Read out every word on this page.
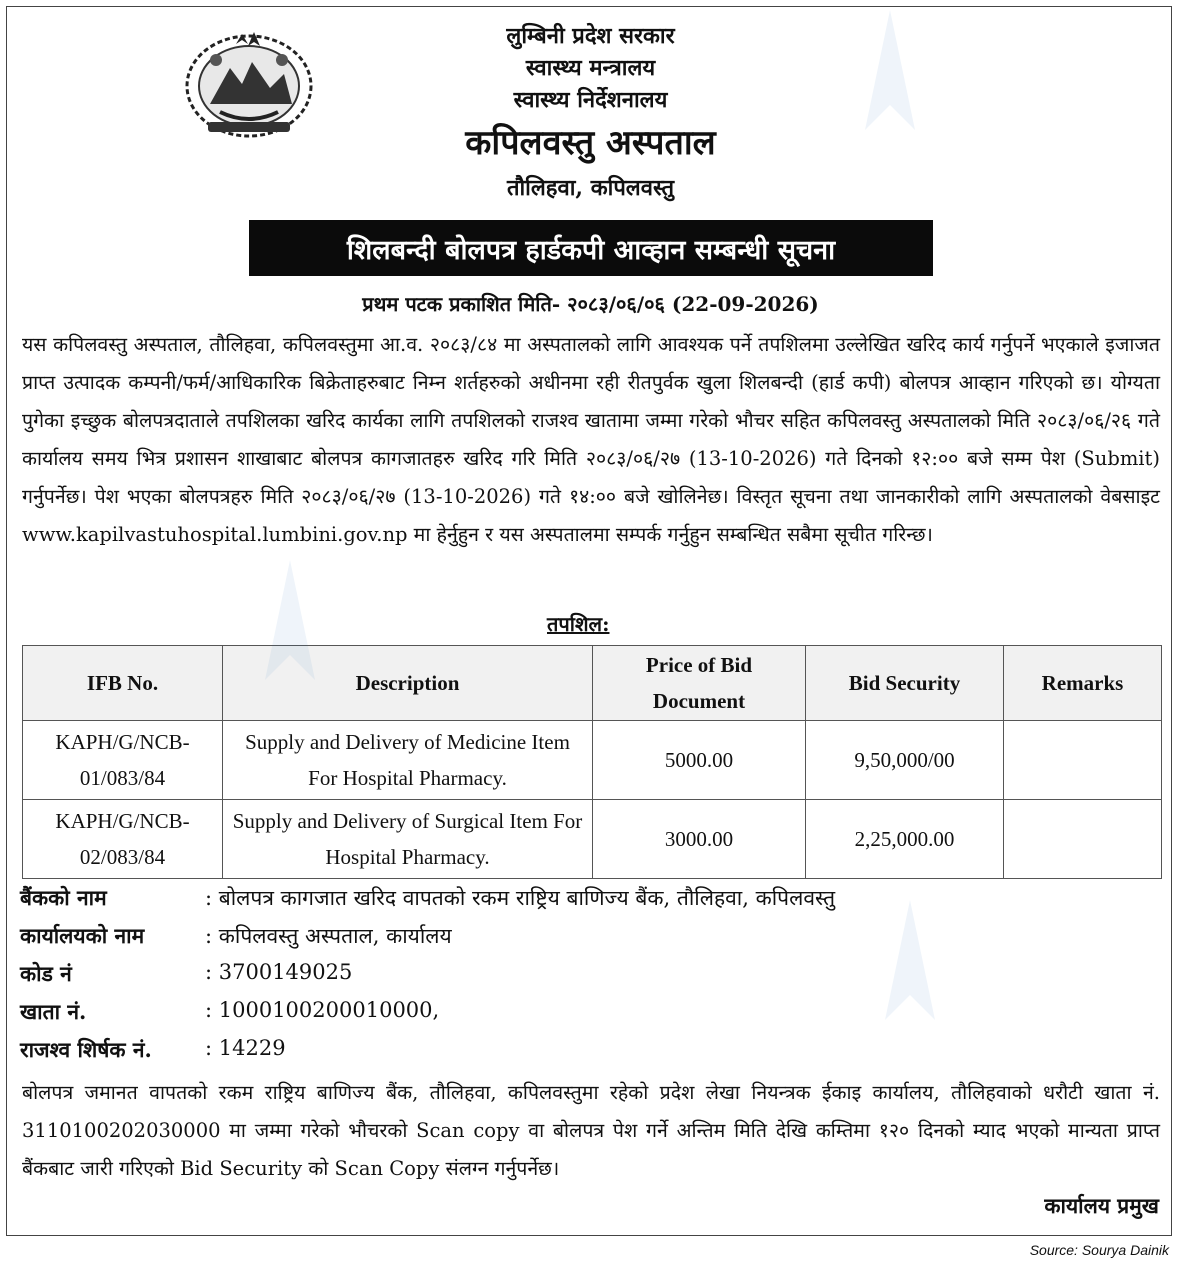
लुम्बिनी प्रदेश सरकार
स्वास्थ्य मन्त्रालय
स्वास्थ्य निर्देशनालय
कपिलवस्तु अस्पताल
तौलिहवा, कपिलवस्तु
शिलबन्दी बोलपत्र हार्डकपी आव्हान सम्बन्धी सूचना
प्रथम पटक प्रकाशित मिति- २०८३/०६/०६ (22-09-2026)
यस कपिलवस्तु अस्पताल, तौलिहवा, कपिलवस्तुमा आ.व. २०८३/८४ मा अस्पतालको लागि आवश्यक पर्ने तपशिलमा उल्लेखित खरिद कार्य गर्नुपर्ने भएकाले इजाजत प्राप्त उत्पादक कम्पनी/फर्म/आधिकारिक बिक्रेताहरुबाट निम्न शर्तहरुको अधीनमा रही रीतपुर्वक खुला शिलबन्दी (हार्ड कपी) बोलपत्र आव्हान गरिएको छ। योग्यता पुगेका इच्छुक बोलपत्रदाताले तपशिलका खरिद कार्यका लागि तपशिलको राजश्व खातामा जम्मा गरेको भौचर सहित कपिलवस्तु अस्पतालको मिति २०८३/०६/२६ गते कार्यालय समय भित्र प्रशासन शाखाबाट बोलपत्र कागजातहरु खरिद गरि मिति २०८३/०६/२७ (13-10-2026) गते दिनको १२:०० बजे सम्म पेश (Submit) गर्नुपर्नेछ। पेश भएका बोलपत्रहरु मिति २०८३/०६/२७ (13-10-2026) गते १४:०० बजे खोलिनेछ। विस्तृत सूचना तथा जानकारीको लागि अस्पतालको वेबसाइट www.kapilvastuhospital.lumbini.gov.np मा हेर्नुहुन र यस अस्पतालमा सम्पर्क गर्नुहुन सम्बन्धित सबैमा सूचीत गरिन्छ।
तपशिल:
IFB No.	Description	Price of Bid Document	Bid Security	Remarks
KAPH/G/NCB-01/083/84	Supply and Delivery of Medicine Item For Hospital Pharmacy.	5000.00	9,50,000/00	
KAPH/G/NCB-02/083/84	Supply and Delivery of Surgical Item For Hospital Pharmacy.	3000.00	2,25,000.00	
बैंकको नाम	: बोलपत्र कागजात खरिद वापतको रकम राष्ट्रिय बाणिज्य बैंक, तौलिहवा, कपिलवस्तु
कार्यालयको नाम	: कपिलवस्तु अस्पताल, कार्यालय
कोड नं	: 3700149025
खाता नं.	: 1000100200010000,
राजश्व शिर्षक नं.	: 14229
बोलपत्र जमानत वापतको रकम राष्ट्रिय बाणिज्य बैंक, तौलिहवा, कपिलवस्तुमा रहेको प्रदेश लेखा नियन्त्रक ईकाइ कार्यालय, तौलिहवाको धरौटी खाता नं. 3110100202030000 मा जम्मा गरेको भौचरको Scan copy वा बोलपत्र पेश गर्ने अन्तिम मिति देखि कम्तिमा १२० दिनको म्याद भएको मान्यता प्राप्त बैंकबाट जारी गरिएको Bid Security को Scan Copy संलग्न गर्नुपर्नेछ।
कार्यालय प्रमुख
Source: Sourya Dainik
